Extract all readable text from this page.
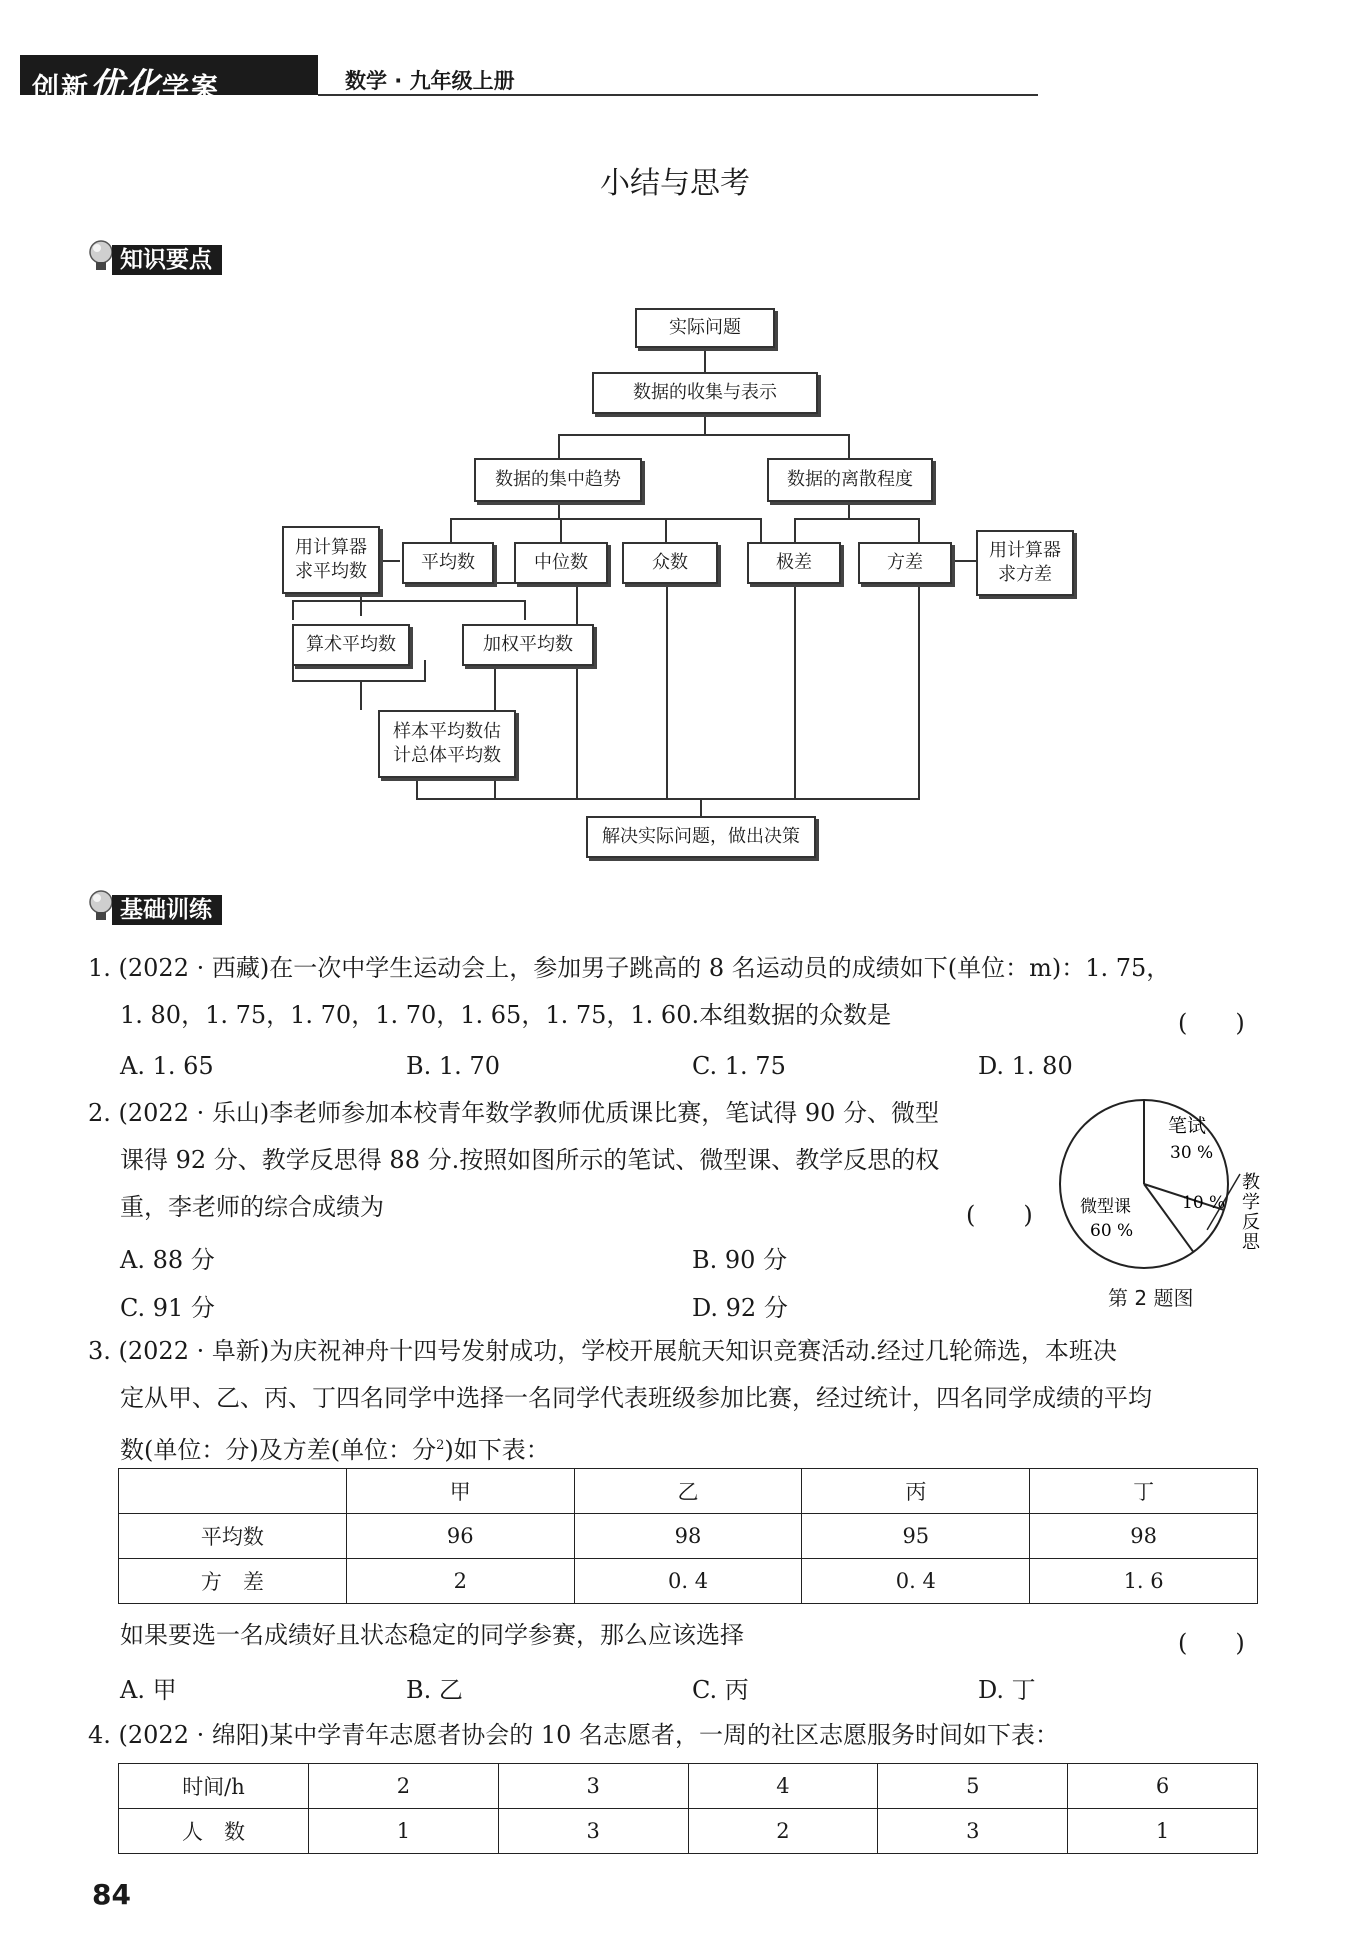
创新优化学案	数学 · 九年级上册
小结与思考
知识要点
实际问题
数据的收集与表示
数据的集中趋势	数据的离散程度
用计算器
求平均数	平均数	中位数	众数	极差	方差
用计算器
求方差
算术平均数	加权平均数
样本平均数估
计总体平均数
解决实际问题，做出决策
基础训练
1. (2022 · 西藏)在一次中学生运动会上，参加男子跳高的 8 名运动员的成绩如下(单位：m)：1. 75，
1. 80，1. 75，1. 70，1. 70，1. 65，1. 75，1. 60.本组数据的众数是	(　　)
A. 1. 65	B. 1. 70	C. 1. 75	D. 1. 80
2. (2022 · 乐山)李老师参加本校青年数学教师优质课比赛，笔试得 90 分、微型
课得 92 分、教学反思得 88 分.按照如图所示的笔试、微型课、教学反思的权
重，李老师的综合成绩为	(　　)
A. 88 分	B. 90 分
C. 91 分	D. 92 分
笔试
30 %
微型课
60 %
10 %
教
学
反
思
第 2 题图
3. (2022 · 阜新)为庆祝神舟十四号发射成功，学校开展航天知识竞赛活动.经过几轮筛选，本班决
定从甲、乙、丙、丁四名同学中选择一名同学代表班级参加比赛，经过统计，四名同学成绩的平均
数(单位：分)及方差(单位：分$^2$)如下表：
	甲	乙	丙	丁
平均数	96	98	95	98
方　差	2	0. 4	0. 4	1. 6
如果要选一名成绩好且状态稳定的同学参赛，那么应该选择	(　　)
A. 甲	B. 乙	C. 丙	D. 丁
4. (2022 · 绵阳)某中学青年志愿者协会的 10 名志愿者，一周的社区志愿服务时间如下表：
时间/h	2	3	4	5	6
人　数	1	3	2	3	1
84
